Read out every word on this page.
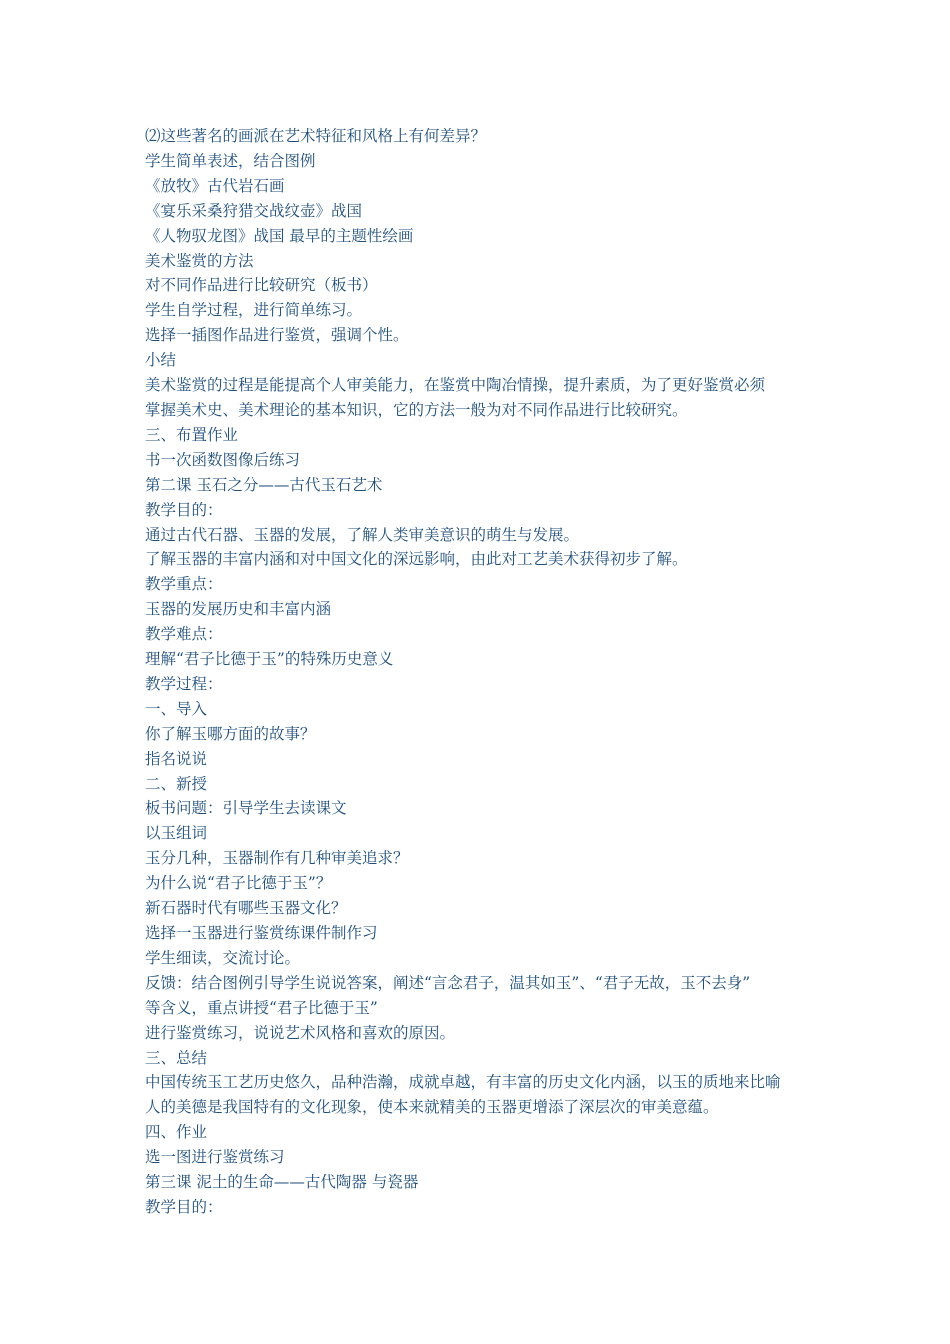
⑵这些著名的画派在艺术特征和风格上有何差异？

学生简单表述，结合图例

《放牧》古代岩石画

《宴乐采桑狩猎交战纹壶》战国

《人物驭龙图》战国 最早的主题性绘画

美术鉴赏的方法

对不同作品进行比较研究（板书）

学生自学过程，进行简单练习。

选择一插图作品进行鉴赏，强调个性。

小结

美术鉴赏的过程是能提高个人审美能力，在鉴赏中陶冶情操，提升素质，为了更好鉴赏必须

掌握美术史、美术理论的基本知识，它的方法一般为对不同作品进行比较研究。

三、布置作业

书一次函数图像后练习

第二课 玉石之分——古代玉石艺术

教学目的：

通过古代石器、玉器的发展，了解人类审美意识的萌生与发展。

了解玉器的丰富内涵和对中国文化的深远影响，由此对工艺美术获得初步了解。

教学重点：

玉器的发展历史和丰富内涵

教学难点：

理解“君子比德于玉”的特殊历史意义

教学过程：

一、导入

你了解玉哪方面的故事？

指名说说

二、新授

板书问题：引导学生去读课文

以玉组词

玉分几种，玉器制作有几种审美追求？

为什么说“君子比德于玉”？

新石器时代有哪些玉器文化？

选择一玉器进行鉴赏练课件制作习

学生细读，交流讨论。

反馈：结合图例引导学生说说答案，阐述“言念君子，温其如玉”、“君子无故，玉不去身”

等含义，重点讲授“君子比德于玉”

进行鉴赏练习，说说艺术风格和喜欢的原因。

三、总结

中国传统玉工艺历史悠久，品种浩瀚，成就卓越，有丰富的历史文化内涵，以玉的质地来比喻

人的美德是我国特有的文化现象，使本来就精美的玉器更增添了深层次的审美意蕴。

四、作业

选一图进行鉴赏练习

第三课 泥土的生命——古代陶器 与瓷器

教学目的：
